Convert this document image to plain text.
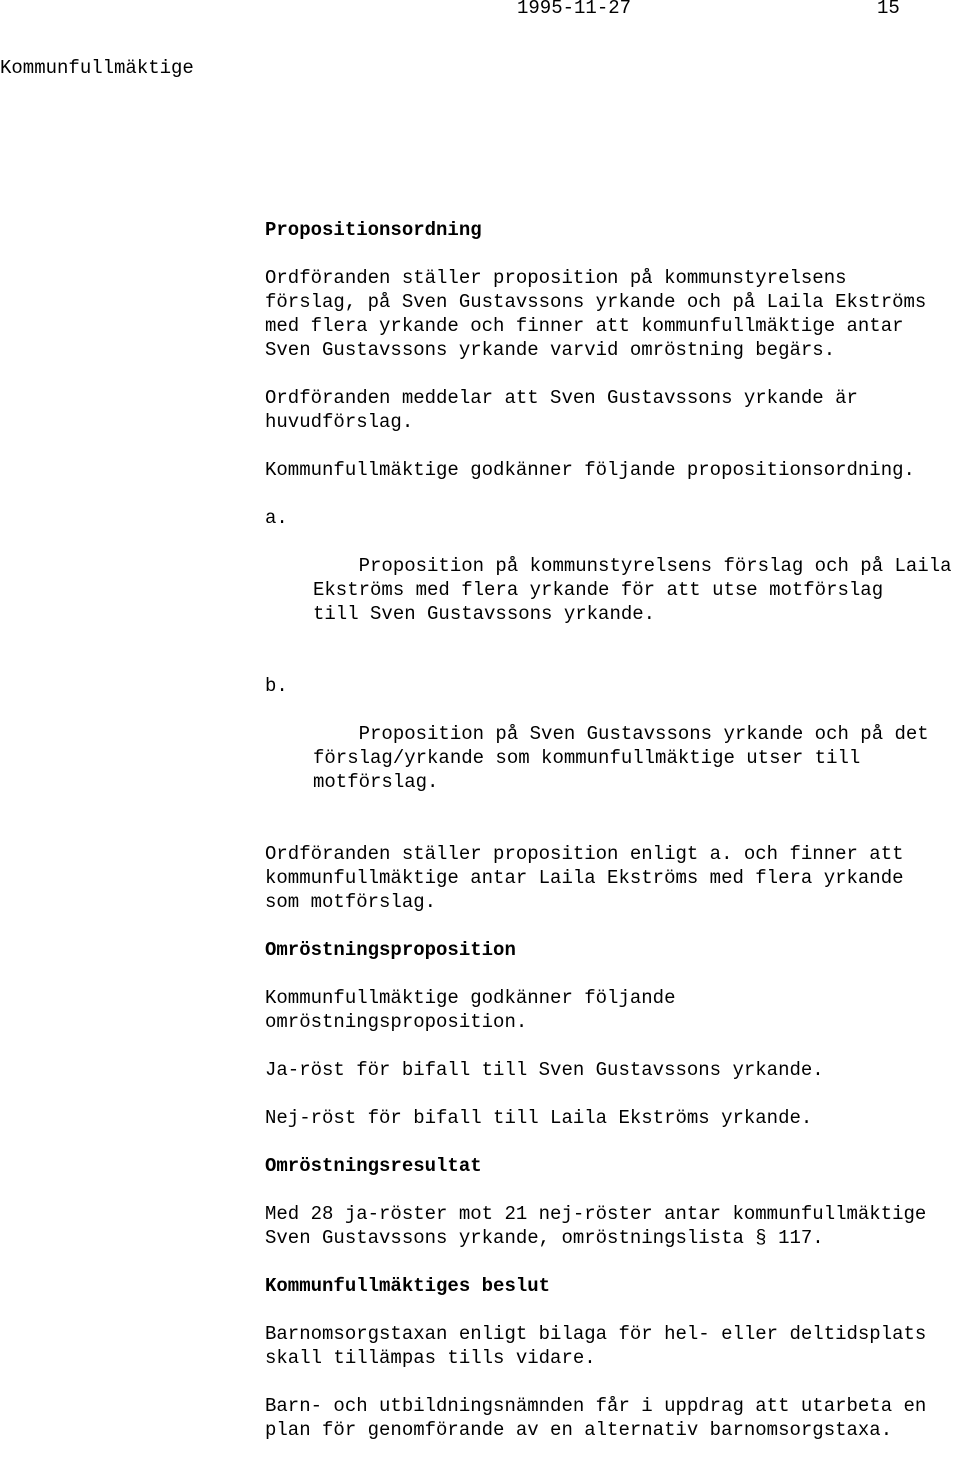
1995-11-27	15
Kommunfullmäktige
Propositionsordning
Ordföranden ställer proposition på kommunstyrelsens
förslag, på Sven Gustavssons yrkande och på Laila Ekströms
med flera yrkande och finner att kommunfullmäktige antar
Sven Gustavssons yrkande varvid omröstning begärs.
Ordföranden meddelar att Sven Gustavssons yrkande är
huvudförslag.
Kommunfullmäktige godkänner följande propositionsordning.

a.

Proposition på kommunstyrelsens förslag och på Laila
Ekströms med flera yrkande för att utse motförslag
till Sven Gustavssons yrkande.

b.

Proposition på Sven Gustavssons yrkande och på det
förslag/yrkande som kommunfullmäktige utser till
motförslag.

Ordföranden ställer proposition enligt a. och finner att
kommunfullmäktige antar Laila Ekströms med flera yrkande
som motförslag.
Omröstningsproposition
Kommunfullmäktige godkänner följande
omröstningsproposition.
Ja-röst för bifall till Sven Gustavssons yrkande.
Nej-röst för bifall till Laila Ekströms yrkande.
Omröstningsresultat
Med 28 ja-röster mot 21 nej-röster antar kommunfullmäktige
Sven Gustavssons yrkande, omröstningslista § 117.
Kommunfullmäktiges beslut
Barnomsorgstaxan enligt bilaga för hel- eller deltidsplats
skall tillämpas tills vidare.
Barn- och utbildningsnämnden får i uppdrag att utarbeta en
plan för genomförande av en alternativ barnomsorgstaxa.
